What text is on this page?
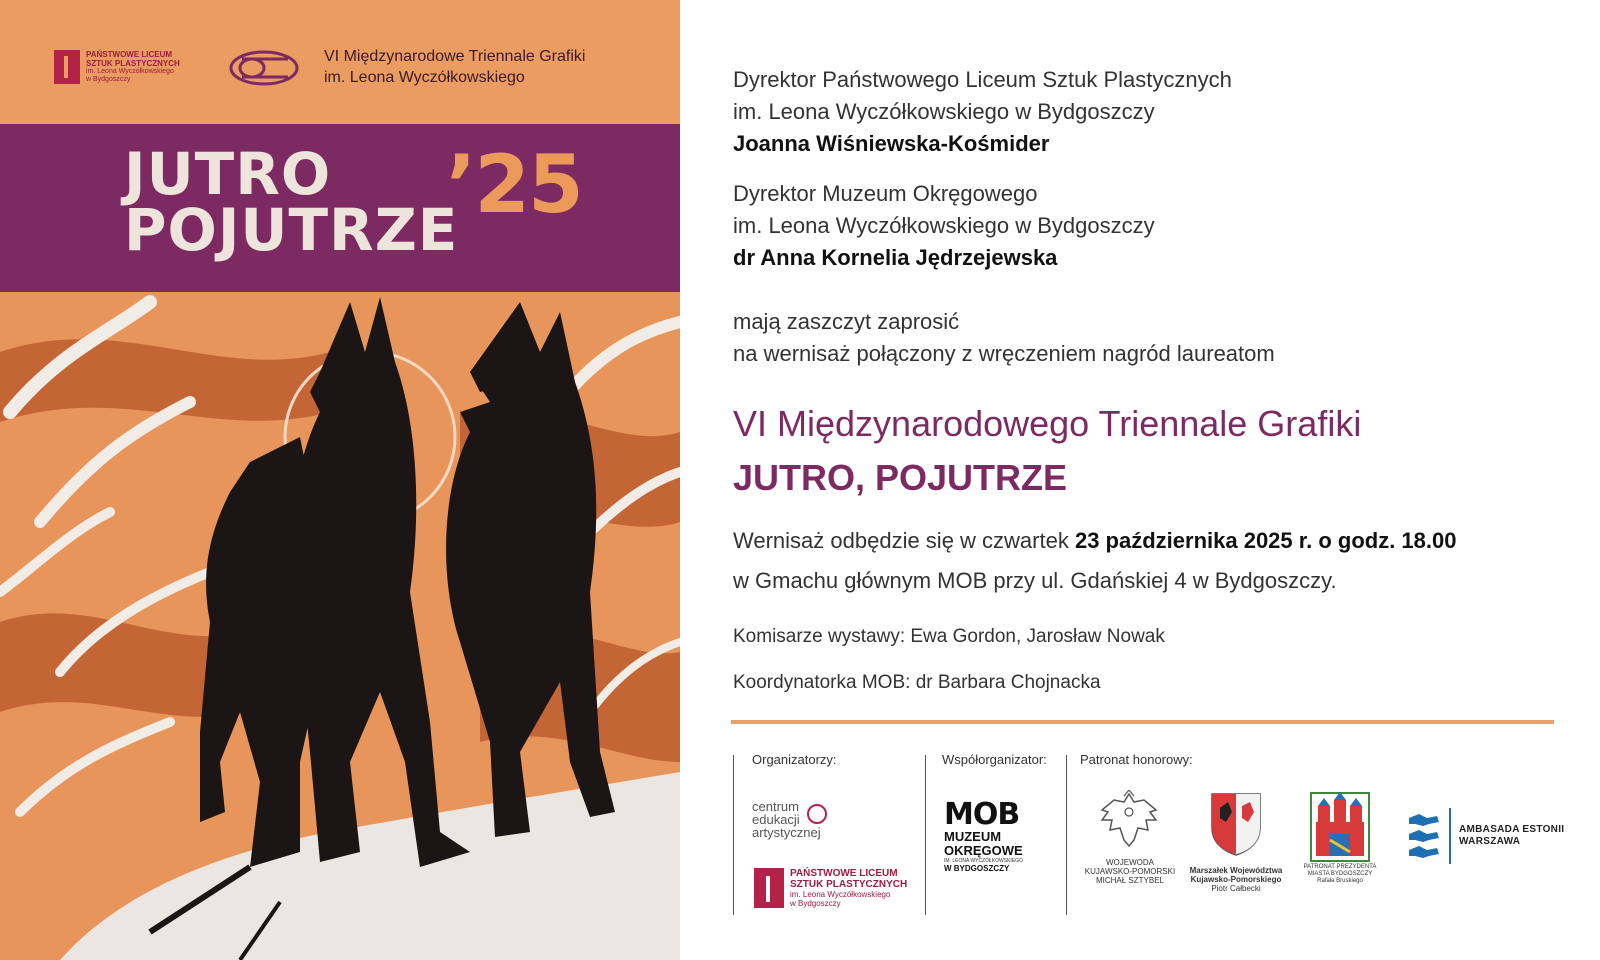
PAŃSTWOWE LICEUM
SZTUK PLASTYCZNYCH
im. Leona Wyczółkowskiego
w Bydgoszczy
VI Międzynarodowe Triennale Grafiki
im. Leona Wyczółkowskiego
JUTRO
POJUTRZE
’25
Dyrektor Państwowego Liceum Sztuk Plastycznych
im. Leona Wyczółkowskiego w Bydgoszczy
Joanna Wiśniewska-Kośmider
Dyrektor Muzeum Okręgowego
im. Leona Wyczółkowskiego w Bydgoszczy
dr Anna Kornelia Jędrzejewska
mają zaszczyt zaprosić
na wernisaż połączony z wręczeniem nagród laureatom
VI Międzynarodowego Triennale Grafiki
JUTRO, POJUTRZE
Wernisaż odbędzie się w czwartek 23 października 2025 r. o godz. 18.00
w Gmachu głównym MOB przy ul. Gdańskiej 4 w Bydgoszczy.
Komisarze wystawy: Ewa Gordon, Jarosław Nowak
Koordynatorka MOB: dr Barbara Chojnacka
Organizatorzy:	Współorganizator:	Patronat honorowy:
centrum
edukacji
artystycznej
PAŃSTWOWE LICEUM
SZTUK PLASTYCZNYCH
im. Leona Wyczółkowskiego
w Bydgoszczy
MOB
MUZEUM
OKRĘGOWE
IM. LEONA WYCZÓŁKOWSKIEGO
W BYDGOSZCZY
WOJEWODA
KUJAWSKO-POMORSKI
MICHAŁ SZTYBEL
Marszałek Województwa
Kujawsko-Pomorskiego
Piotr Całbecki
PATRONAT PREZYDENTA
MIASTA BYDGOSZCZY
Rafała Bruskiego
AMBASADA ESTONII
WARSZAWA
